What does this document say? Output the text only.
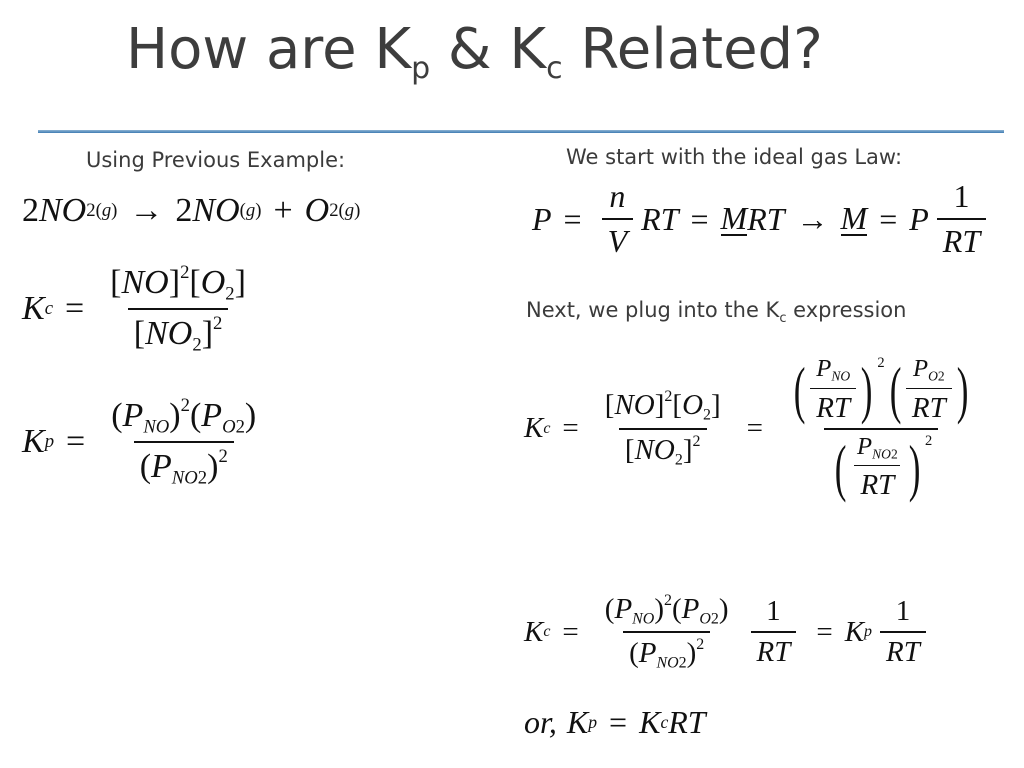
How are $K_p$ & $K_c$ Related?
Using Previous Example:	We start with the ideal gas Law:
Next, we plug into the $K_c$ expression
2 NO 2(g) → 2 NO (g) + O 2(g)
K $c = \frac{[NO]^2[O_2]}{[NO_2]^2}$
K $p = \frac{(P_{NO})^2(P_{O2})}{(P_{NO2})^2}$
$P = \frac{n}{V}$ RT = M RT → M = P $\frac{1}{RT}$
K $c = \frac{[NO]^2[O_2]}{[NO_2]^2} = \frac{( \frac{P_{NO}}{RT} ) ^2 ( \frac{P_{O2}}{RT} )}{( \frac{P_{NO2}}{RT} ) ^2}$
K $c = \frac{(P_{NO})^2(P_{O2})}{(P_{NO2})^2} \frac{1}{RT} = K$ p $\frac{1}{RT}$
or, K p = K c RT
